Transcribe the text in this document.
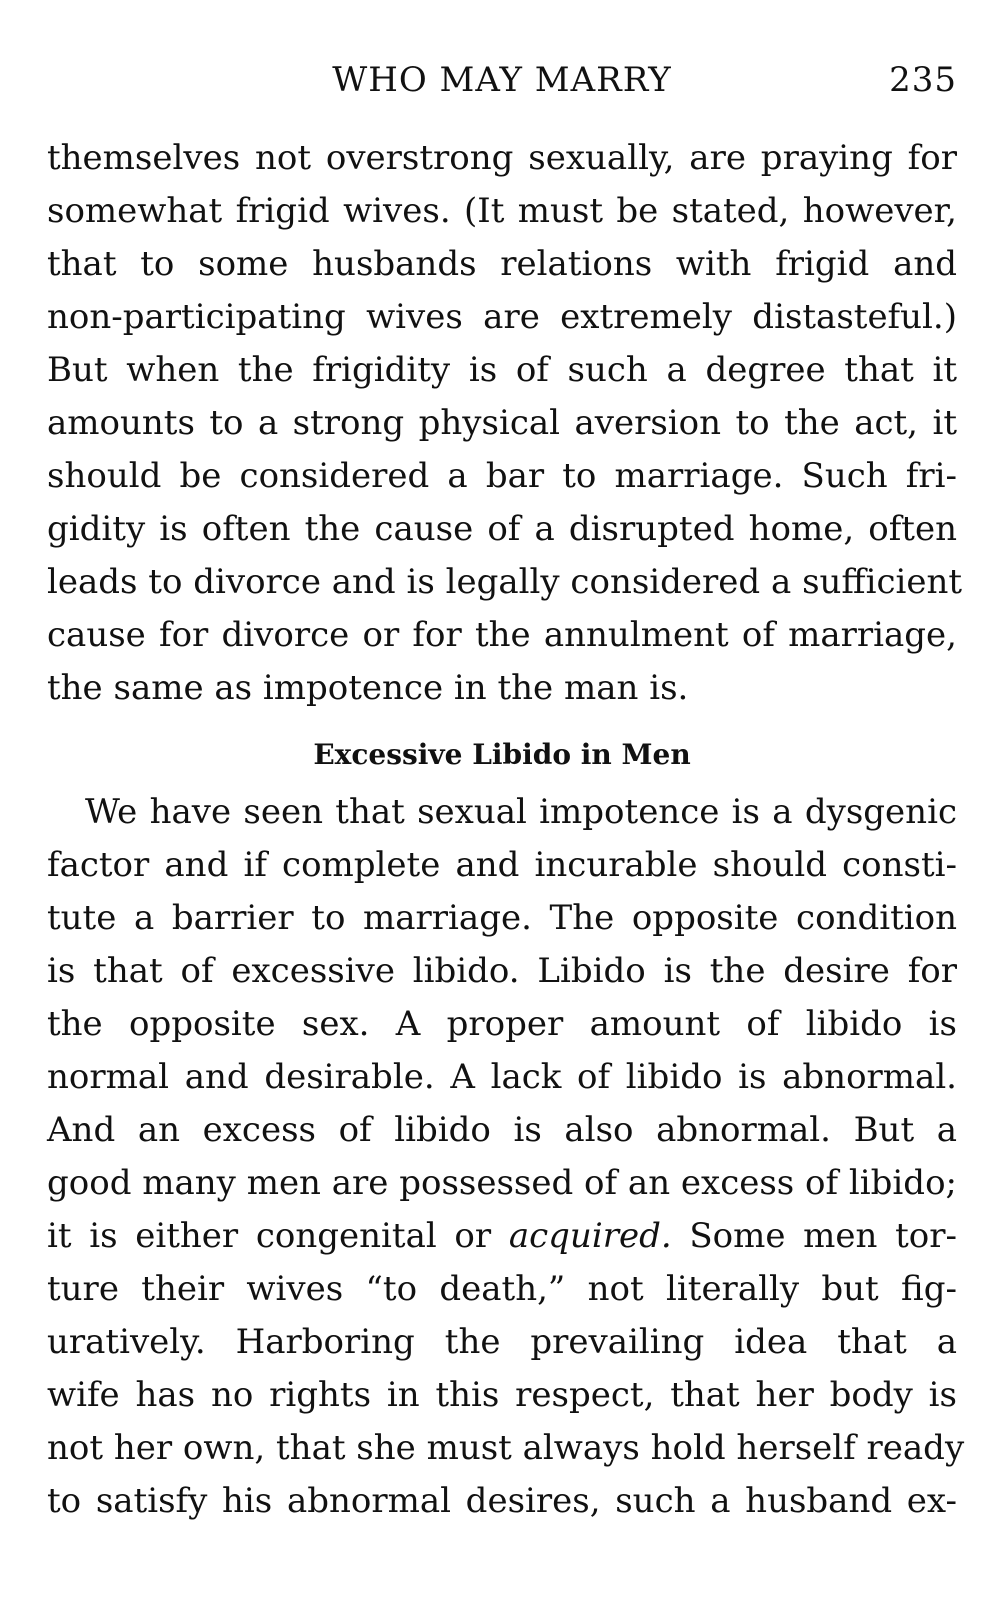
WHO MAY MARRY	235
themselves not overstrong sexually, are praying for
somewhat frigid wives. (It must be stated, however,
that to some husbands relations with frigid and
non-participating wives are extremely distasteful.)
But when the frigidity is of such a degree that it
amounts to a strong physical aversion to the act, it
should be considered a bar to marriage. Such fri-
gidity is often the cause of a disrupted home, often
leads to divorce and is legally considered a sufficient
cause for divorce or for the annulment of marriage,
the same as impotence in the man is.
Excessive Libido in Men
We have seen that sexual impotence is a dysgenic
factor and if complete and incurable should consti-
tute a barrier to marriage. The opposite condition
is that of excessive libido. Libido is the desire for
the opposite sex. A proper amount of libido is
normal and desirable. A lack of libido is abnormal.
And an excess of libido is also abnormal. But a
good many men are possessed of an excess of libido;
it is either congenital or acquired. Some men tor-
ture their wives “to death,” not literally but fig-
uratively. Harboring the prevailing idea that a
wife has no rights in this respect, that her body is
not her own, that she must always hold herself ready
to satisfy his abnormal desires, such a husband ex-
